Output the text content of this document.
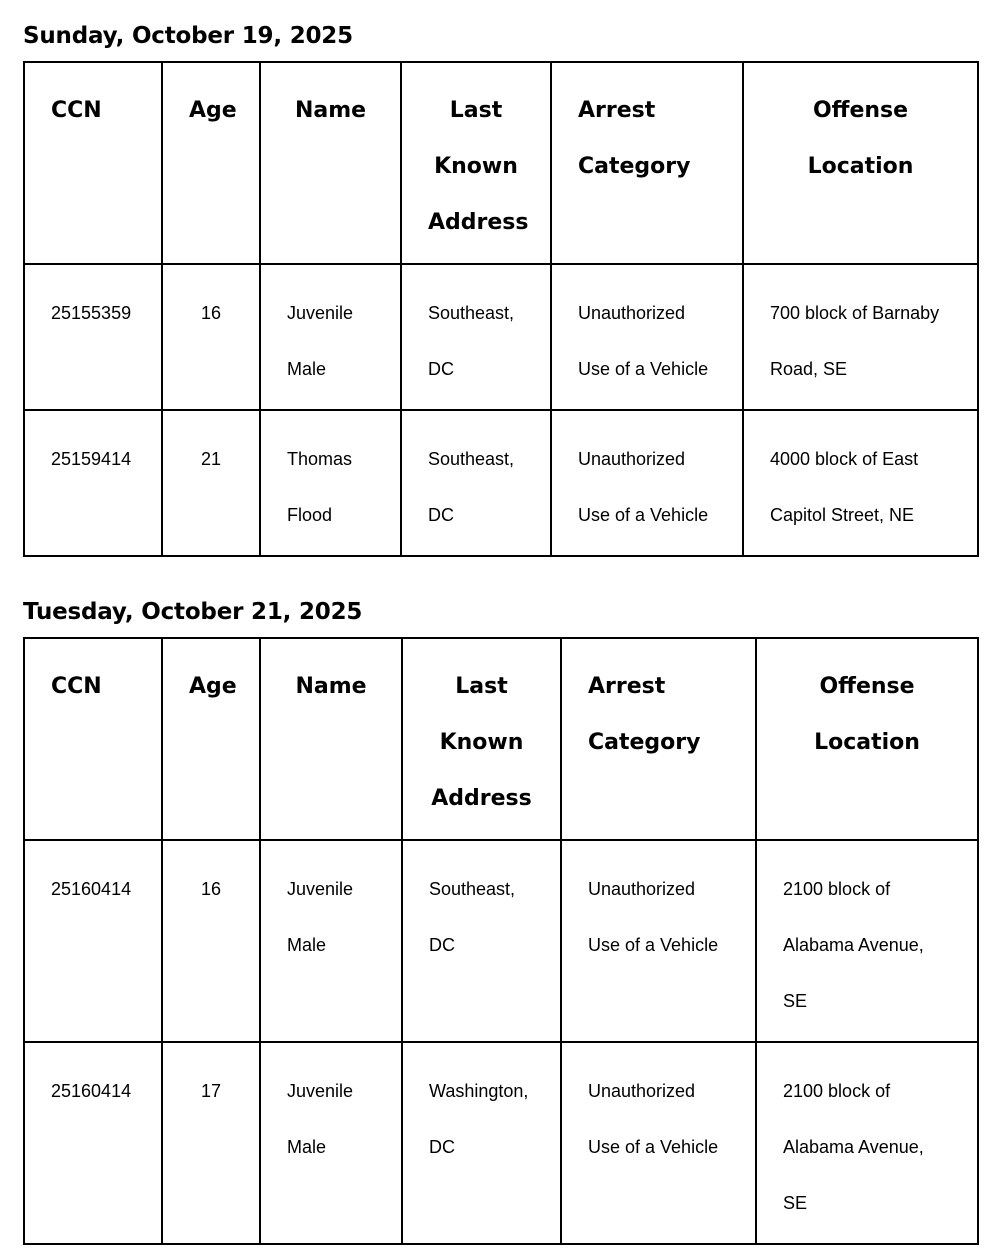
Sunday, October 19, 2025
CCN	Age	Name	Last Known Address	Arrest Category	Offense Location
25155359	16	Juvenile Male	Southeast, DC	Unauthorized Use of a Vehicle	700 block of Barnaby Road, SE
25159414	21	Thomas Flood	Southeast, DC	Unauthorized Use of a Vehicle	4000 block of East Capitol Street, NE
Tuesday, October 21, 2025
CCN	Age	Name	Last Known Address	Arrest Category	Offense Location
25160414	16	Juvenile Male	Southeast, DC	Unauthorized Use of a Vehicle	2100 block of Alabama Avenue, SE
25160414	17	Juvenile Male	Washington, DC	Unauthorized Use of a Vehicle	2100 block of Alabama Avenue, SE
